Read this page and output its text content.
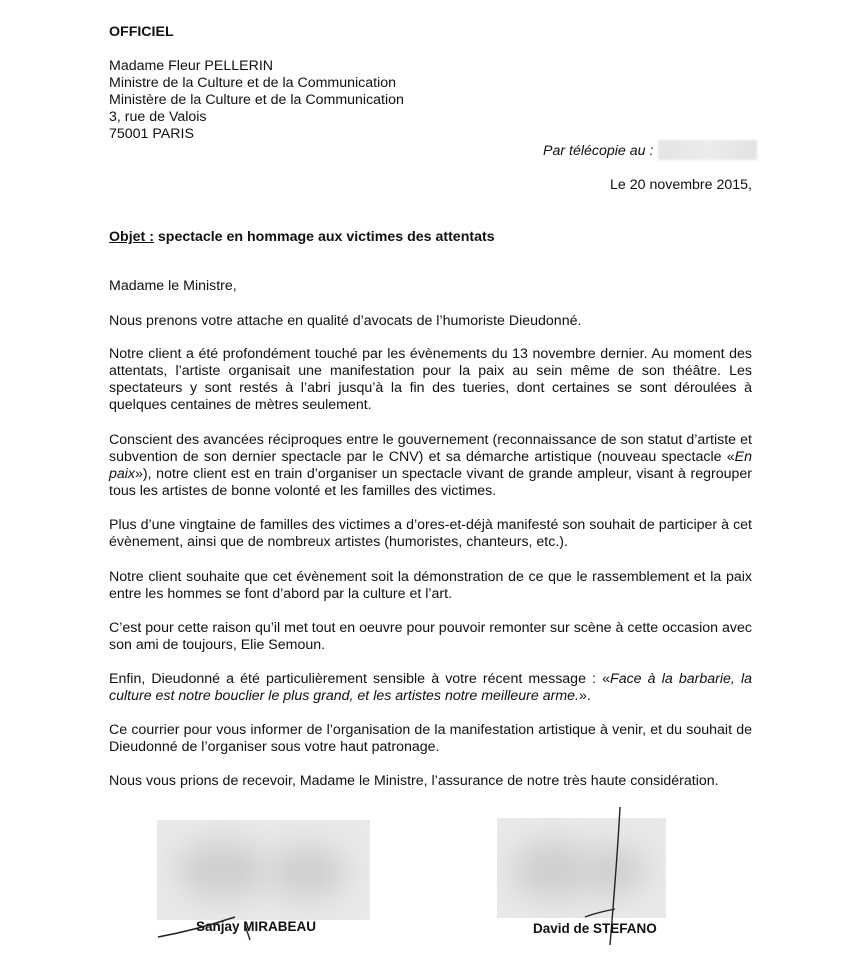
OFFICIEL
Madame Fleur PELLERIN
Ministre de la Culture et de la Communication
Ministère de la Culture et de la Communication
3, rue de Valois
75001 PARIS
Par télécopie au :
Le 20 novembre 2015,
Objet : spectacle en hommage aux victimes des attentats
Madame le Ministre,
Nous prenons votre attache en qualité d’avocats de l’humoriste Dieudonné.
Notre client a été profondément touché par les évènements du 13 novembre dernier. Au moment des attentats, l’artiste organisait une manifestation pour la paix au sein même de son théâtre. Les spectateurs y sont restés à l’abri jusqu’à la fin des tueries, dont certaines se sont déroulées à quelques centaines de mètres seulement.
Conscient des avancées réciproques entre le gouvernement (reconnaissance de son statut d’artiste et subvention de son dernier spectacle par le CNV) et sa démarche artistique (nouveau spectacle «En paix»), notre client est en train d’organiser un spectacle vivant de grande ampleur, visant à regrouper tous les artistes de bonne volonté et les familles des victimes.
Plus d’une vingtaine de familles des victimes a d’ores-et-déjà manifesté son souhait de participer à cet évènement, ainsi que de nombreux artistes (humoristes, chanteurs, etc.).
Notre client souhaite que cet évènement soit la démonstration de ce que le rassemblement et la paix entre les hommes se font d’abord par la culture et l’art.
C’est pour cette raison qu’il met tout en oeuvre pour pouvoir remonter sur scène à cette occasion avec son ami de toujours, Elie Semoun.
Enfin, Dieudonné a été particulièrement sensible à votre récent message : «Face à la barbarie, la culture est notre bouclier le plus grand, et les artistes notre meilleure arme.».
Ce courrier pour vous informer de l’organisation de la manifestation artistique à venir, et du souhait de Dieudonné de l’organiser sous votre haut patronage.
Nous vous prions de recevoir, Madame le Ministre, l’assurance de notre très haute considération.
Sanjay MIRABEAU	David de STEFANO
